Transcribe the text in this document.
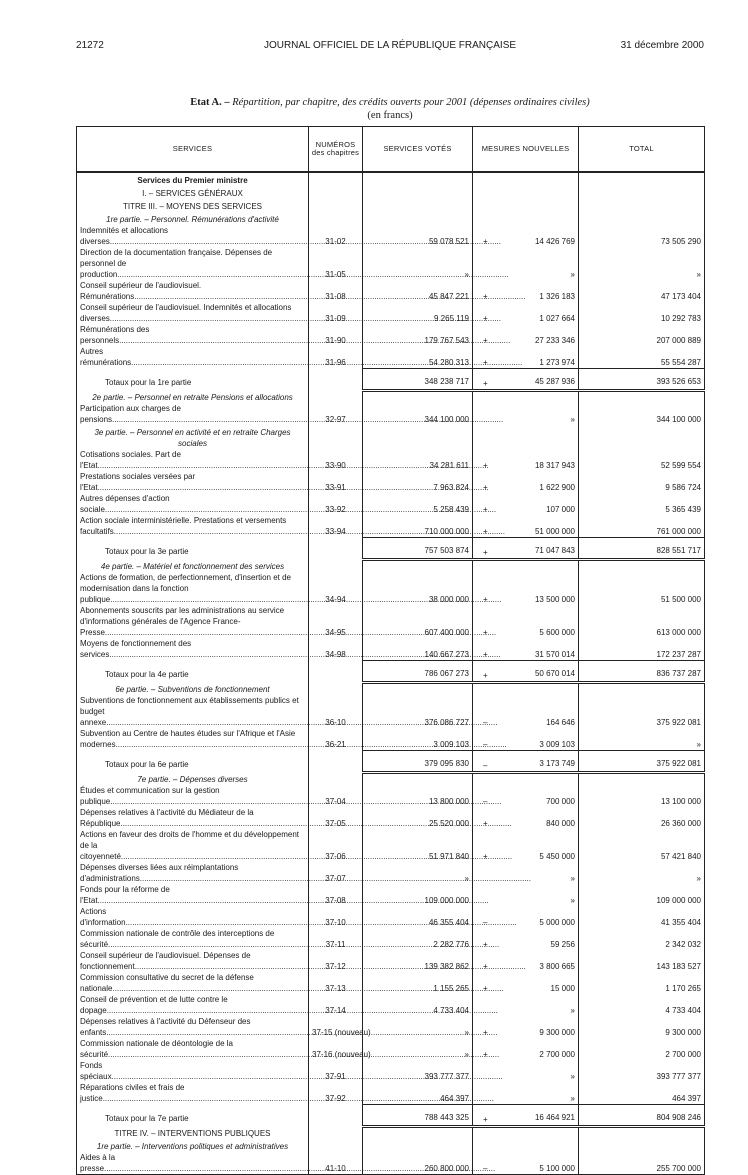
21272	JOURNAL OFFICIEL DE LA RÉPUBLIQUE FRANÇAISE	31 décembre 2000
Etat A. – Répartition, par chapitre, des crédits ouverts pour 2001 (dépenses ordinaires civiles)
(en francs)
SERVICES	NUMÉROS des chapitres	SERVICES VOTÉS	MESURES NOUVELLES	TOTAL
Services du Premier ministre				
I. – SERVICES GÉNÉRAUX				
TITRE III. – MOYENS DES SERVICES				
1re partie. – Personnel. Rémunérations d'activité				

Indemnités et allocations diverses .....	31-02	59 078 521	+ 14 426 769	73 505 290

Direction de la documentation française. Dépenses de personnel de production .....	31-05	»	»	»

Conseil supérieur de l'audiovisuel. Rémunérations .....	31-08	45 847 221	+ 1 326 183	47 173 404

Conseil supérieur de l'audiovisuel. Indemnités et allocations diverses .....	31-09	9 265 119	+ 1 027 664	10 292 783

Rémunérations des personnels .....	31-90	179 767 543	+ 27 233 346	207 000 889

Autres rémunérations .....	31-96	54 280 313	+ 1 273 974	55 554 287
Totaux pour la 1re partie		348 238 717	+ 45 287 936	393 526 653
2e partie. – Personnel en retraite Pensions et allocations				

Participation aux charges de pensions .....	32-97	344 100 000	»	344 100 000
3e partie. – Personnel en activité et en retraite Charges sociales				

Cotisations sociales. Part de l'Etat .....	33-90	34 281 611	+ 18 317 943	52 599 554

Prestations sociales versées par l'Etat .....	33-91	7 963 824	+ 1 622 900	9 586 724

Autres dépenses d'action sociale .....	33-92	5 258 439	+ 107 000	5 365 439

Action sociale interministérielle. Prestations et versements facultatifs .....	33-94	710 000 000	+ 51 000 000	761 000 000
Totaux pour la 3e partie		757 503 874	+ 71 047 843	828 551 717
4e partie. – Matériel et fonctionnement des services				

Actions de formation, de perfectionnement, d'insertion et de modernisation dans la fonction publique .....	34-94	38 000 000	+ 13 500 000	51 500 000

Abonnements souscrits par les administrations au service d'informations générales de l'Agence France-Presse .....	34-95	607 400 000	+ 5 600 000	613 000 000

Moyens de fonctionnement des services .....	34-98	140 667 273	+ 31 570 014	172 237 287
Totaux pour la 4e partie		786 067 273	+ 50 670 014	836 737 287
6e partie. – Subventions de fonctionnement				

Subventions de fonctionnement aux établissements publics et budget annexe .....	36-10	376 086 727	– 164 646	375 922 081

Subvention au Centre de hautes études sur l'Afrique et l'Asie modernes .....	36-21	3 009 103	– 3 009 103	»
Totaux pour la 6e partie		379 095 830	– 3 173 749	375 922 081
7e partie. – Dépenses diverses				

Études et communication sur la gestion publique .....	37-04	13 800 000	– 700 000	13 100 000

Dépenses relatives à l'activité du Médiateur de la République .....	37-05	25 520 000	+ 840 000	26 360 000

Actions en faveur des droits de l'homme et du développement de la citoyenneté .....	37-06	51 971 840	+ 5 450 000	57 421 840

Dépenses diverses liées aux réimplantations d'administrations .....	37-07	»	»	»

Fonds pour la réforme de l'Etat .....	37-08	109 000 000	»	109 000 000

Actions d'information .....	37-10	46 355 404	– 5 000 000	41 355 404

Commission nationale de contrôle des interceptions de sécurité .....	37-11	2 282 776	+ 59 256	2 342 032

Conseil supérieur de l'audiovisuel. Dépenses de fonctionnement .....	37-12	139 382 862	+ 3 800 665	143 183 527

Commission consultative du secret de la défense nationale .....	37-13	1 155 265	+ 15 000	1 170 265

Conseil de prévention et de lutte contre le dopage .....	37-14	4 733 404	»	4 733 404

Dépenses relatives à l'activité du Défenseur des enfants .....	37-15 (nouveau)	»	+ 9 300 000	9 300 000

Commission nationale de déontologie de la sécurité .....	37-16 (nouveau)	»	+ 2 700 000	2 700 000

Fonds spéciaux .....	37-91	393 777 377	»	393 777 377

Réparations civiles et frais de justice .....	37-92	464 397	»	464 397
Totaux pour la 7e partie		788 443 325	+ 16 464 921	804 908 246
TITRE IV. – INTERVENTIONS PUBLIQUES				
1re partie. – Interventions politiques et administratives				

Aides à la presse .....	41-10	260 800 000	– 5 100 000	255 700 000
